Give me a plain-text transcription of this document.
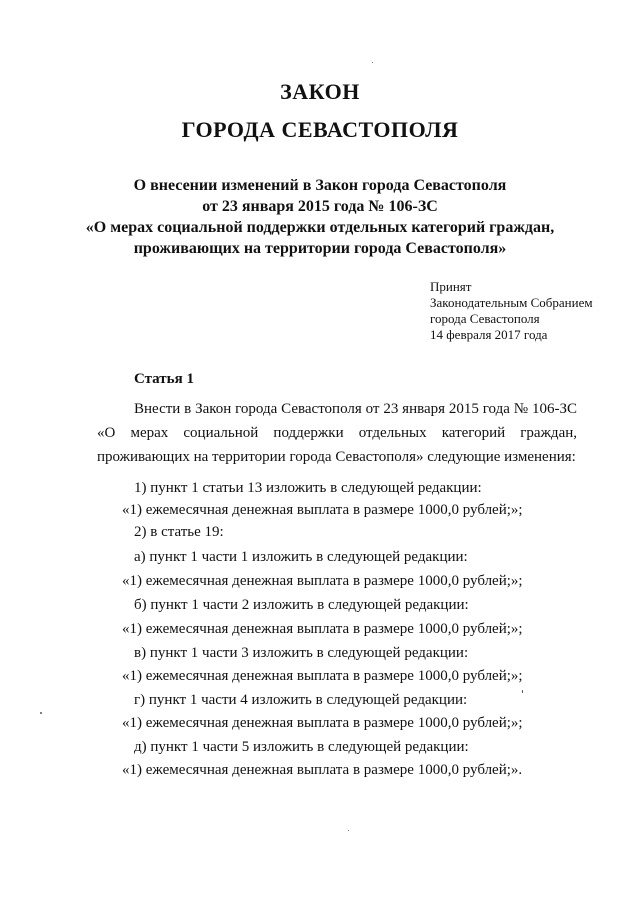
ЗАКОН
ГОРОДА СЕВАСТОПОЛЯ
О внесении изменений в Закон города Севастополя
от 23 января 2015 года № 106-ЗС
«О мерах социальной поддержки отдельных категорий граждан,
проживающих на территории города Севастополя»
Принят
Законодательным Собранием
города Севастополя
14 февраля 2017 года
Статья 1
Внести в Закон города Севастополя от 23 января 2015 года № 106-ЗС
«О мерах социальной поддержки отдельных категорий граждан,
проживающих на территории города Севастополя» следующие изменения:
1) пункт 1 статьи 13 изложить в следующей редакции:
«1) ежемесячная денежная выплата в размере 1000,0 рублей;»;
2) в статье 19:
а) пункт 1 части 1 изложить в следующей редакции:
«1) ежемесячная денежная выплата в размере 1000,0 рублей;»;
б) пункт 1 части 2 изложить в следующей редакции:
«1) ежемесячная денежная выплата в размере 1000,0 рублей;»;
в) пункт 1 части 3 изложить в следующей редакции:
«1) ежемесячная денежная выплата в размере 1000,0 рублей;»;
г) пункт 1 части 4 изложить в следующей редакции:
«1) ежемесячная денежная выплата в размере 1000,0 рублей;»;
д) пункт 1 части 5 изложить в следующей редакции:
«1) ежемесячная денежная выплата в размере 1000,0 рублей;».
